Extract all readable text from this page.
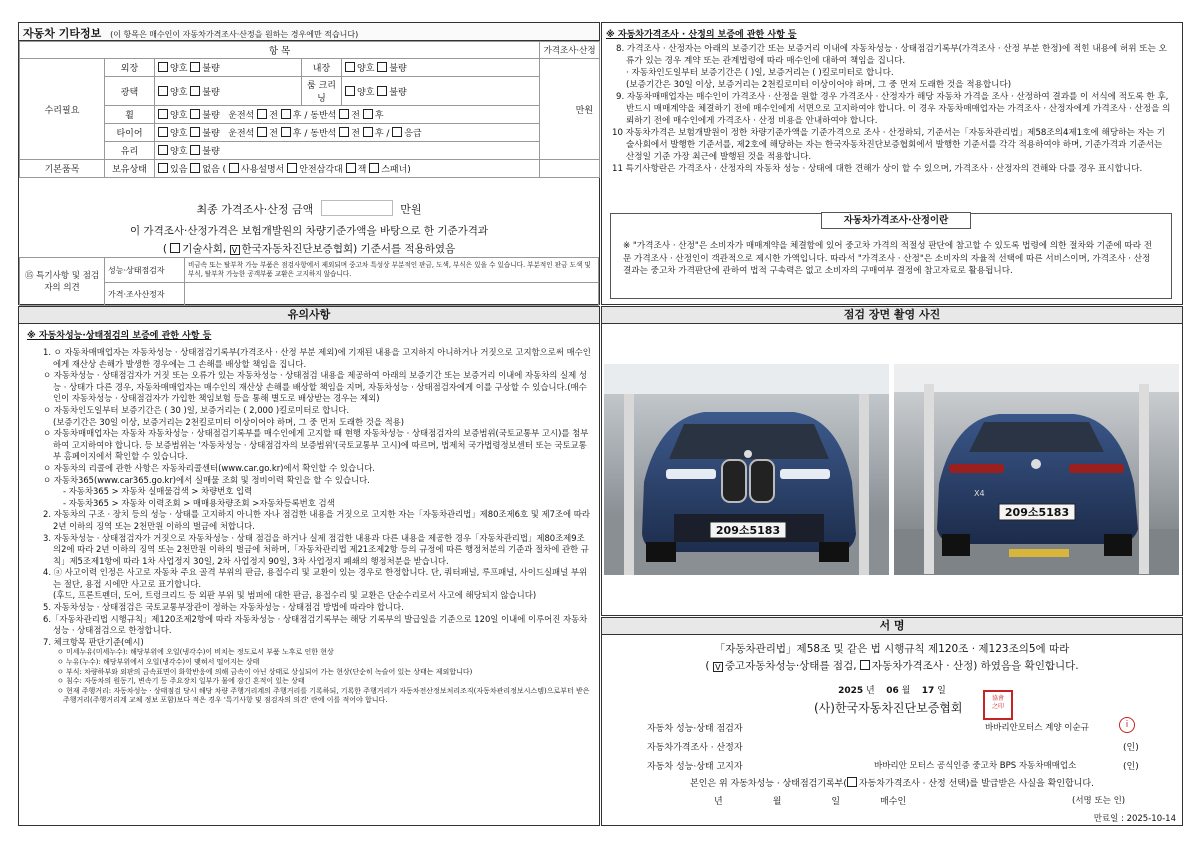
자동차 기타정보 (이 항목은 매수인이 자동차가격조사·산정을 원하는 경우에만 적습니다)
항 목					가격조사·산정
수리필요	외장	양호 불량	내장	양호 불량	만원
	광택	양호 불량	룸 크리닝	양호 불량	
	휠	양호 불량 운전석 전 후 / 동반석 전 후			
	타이어	양호 불량 운전석 전 후 / 동반석 전 후 / 응급			
	유리	양호 불량			
기본품목	보유상태	있음 없음 ( 사용설명서 안전삼각대 잭 스패너)			
최종 가격조사·산정 금액	만원
이 가격조사·산정가격은 보험개발원의 차량기준가액을 바탕으로 한 기준가격과
( 기술사회, V 한국자동차진단보증협회) 기준서를 적용하였음
⑮ 특기사항 및 점검자의 의견	성능·상태점검자	비금속 또는 탈부착 가능 부품은 점검사항에서 제외되며 중고차 특성상 부분적인 판금, 도색, 부식은 있을 수 있습니다. 부분적인 판금 도색 및 부식, 탈부착 가능한 공객부품 교환은 고지하지 않습니다.
	가격·조사산정자	
※ 자동차가격조사 · 산정의 보증에 관한 사항 등
8. 가격조사 · 산정자는 아래의 보증기간 또는 보증거리 이내에 자동차성능 · 상태점검기록부(가격조사 · 산정 부분 한정)에 적힌 내용에 허위 또는 오류가 있는 경우 계약 또는 관계법령에 따라 매수인에 대하여 책임을 집니다.
· 자동차인도일부터 보증기간은 ( )일, 보증거리는 ( )킬로미터로 합니다.
(보증기간은 30일 이상, 보증거리는 2천킬로미터 이상이어야 하며, 그 중 먼저 도래한 것을 적용합니다)
9. 자동차매매업자는 매수인이 가격조사 · 산정을 원할 경우 가격조사 · 산정자가 해당 자동차 가격을 조사 · 산정하여 결과를 이 서식에 적도록 한 후, 반드시 매매계약을 체결하기 전에 매수인에게 서면으로 고지하여야 합니다. 이 경우 자동차매매업자는 가격조사 · 산정자에게 가격조사 · 산정을 의뢰하기 전에 매수인에게 가격조사 · 산정 비용을 안내하여야 합니다.
10 자동차가격은 보험개발원이 정한 차량기준가액을 기준가격으로 조사 · 산정하되, 기준서는「자동차관리법」제58조의4제1호에 해당하는 자는 기술사회에서 발행한 기준서를, 제2호에 해당하는 자는 한국자동차진단보증협회에서 발행한 기준서를 각각 적용하여야 하며, 기준가격과 기준서는 산정일 기준 가장 최근에 발행된 것을 적용합니다.
11 특기사항란은 가격조사 · 산정자의 자동차 성능 · 상태에 대한 견해가 상이 할 수 있으며, 가격조사 · 산정자의 견해와 다를 경우 표시합니다.
자동차가격조사·산정이란
※ "가격조사 · 산정"은 소비자가 매매계약을 체결함에 있어 중고차 가격의 적절성 판단에 참고할 수 있도록 법령에 의한 절차와 기준에 따라 전문 가격조사 · 산정인이 객관적으로 제시한 가액입니다. 따라서 "가격조사 · 산정"은 소비자의 자율적 선택에 따른 서비스이며, 가격조사 · 산정 결과는 중고차 가격판단에 관하여 법적 구속력은 없고 소비자의 구매여부 결정에 참고자료로 활용됩니다.
유의사항
※ 자동차성능·상태점검의 보증에 관한 사항 등
1. ㅇ 자동차매매업자는 자동차성능 · 상태점검기록부(가격조사 · 산정 부분 제외)에 기재된 내용을 고지하지 아니하거나 거짓으로 고지함으로써 매수인에게 재산상 손해가 발생한 경우에는 그 손해를 배상할 책임을 집니다.
ㅇ 자동차성능 · 상태점검자가 거짓 또는 오류가 있는 자동차성능 · 상태점검 내용을 제공하여 아래의 보증기간 또는 보증거리 이내에 자동차의 실제 성능 · 상태가 다른 경우, 자동차매매업자는 매수인의 재산상 손해를 배상할 책임을 지며, 자동차성능 · 상태점검자에게 이를 구상할 수 있습니다.(매수인이 자동차성능 · 상태점검자가 가입한 책임보험 등을 통해 별도로 배상받는 경우는 제외)
ㅇ 자동차인도일부터 보증기간은 ( 30 )일, 보증거리는 ( 2,000 )킬로미터로 합니다.
(보증기간은 30일 이상, 보증거리는 2천킬로미터 이상이어야 하며, 그 중 먼저 도래한 것을 적용)
ㅇ 자동차매매업자는 자동차 자동차성능 · 상태점검기록부를 매수인에게 고지할 때 현행 자동차성능 · 상태점검자의 보증범위(국토교통부 고시)를 첨부하여 고지하여야 합니다. 등 보증범위는 '자동차성능 · 상태점검자의 보증범위'(국토교통부 고시)에 따르며, 법제처 국가법령정보센터 또는 국토교통부 홈페이지에서 확인할 수 있습니다.
ㅇ 자동차의 리콜에 관한 사항은 자동차리콜센터(www.car.go.kr)에서 확인할 수 있습니다.
ㅇ 자동차365(www.car365.go.kr)에서 실매물 조회 및 정비이력 확인을 할 수 있습니다.
- 자동차365 > 자동차 실매물검색 > 차량번호 입력
- 자동차365 > 자동차 이력조회 > 매매용차량조회 >자동차등록번호 검색
2. 자동차의 구조 · 장치 등의 성능 · 상태를 고지하지 아니한 자나 점검한 내용을 거짓으로 고지한 자는「자동차관리법」제80조제6호 및 제7조에 따라 2년 이하의 징역 또는 2천만원 이하의 벌금에 처합니다.
3. 자동차성능 · 상태점검자가 거짓으로 자동차성능 · 상태 점검을 하거나 실제 점검한 내용과 다른 내용을 제공한 경우「자동차관리법」제80조제9조의2에 따라 2년 이하의 징역 또는 2천만원 이하의 벌금에 처하며,「자동차관리법 제21조제2항 등의 규정에 따른 행정처분의 기준과 절차에 관한 규칙」제5조제1항에 따라 1차 사업정지 30일, 2차 사업정지 90일, 3차 사업정지 폐쇄의 행정처분을 받습니다.
4. ⓐ 사고이력 인정은 사고로 자동차 주요 골격 부위의 판금, 용접수리 및 교환이 있는 경우로 한정합니다. 단, 쿼터패널, 루프패널, 사이드실패널 부위는 절단, 용접 시에만 사고로 표기합니다.
(후드, 프론트펜더, 도어, 트렁크리드 등 외판 부위 및 범퍼에 대한 판금, 용접수리 및 교환은 단순수리로서 사고에 해당되지 않습니다)
5. 자동차성능 · 상태점검은 국토교통부장관이 정하는 자동차성능 · 상태점검 방법에 따라야 합니다.
6.「자동차관리법 시행규칙」제120조제2항에 따라 자동차성능 · 상태점검기록부는 해당 기록부의 발급일을 기준으로 120일 이내에 이루어진 자동차 성능 · 상태점검으로 한정합니다.
7. 체크항목 판단기준(예시)
ㅇ 미세누유(미세누수): 해당부위에 오일(냉각수)이 비치는 정도로서 부품 노후로 인한 현상
ㅇ 누유(누수): 해당부위에서 오일(냉각수)이 맺혀서 떨어지는 상태
ㅇ 부식: 차량하부와 외판의 금속표면이 화학반응에 의해 금속이 아닌 상태로 상실되어 가는 현상(단순히 녹슬어 있는 상태는 제외합니다)
ㅇ 침수: 자동차의 원동기, 변속기 등 주요장치 일부가 물에 잠긴 흔적이 있는 상태
ㅇ 현재 주행거리: 자동차성능 · 상태점검 당시 해당 차량 주행거리계의 주행거리를 기록하되, 기록한 주행거리가 자동차전산정보처리조직(자동차관리정보시스템)으로부터 받은 주행거리(주행거리계 교체 정보 포함)보다 적은 경우 '특기사항 및 점검자의 의견' 란에 이를 적어야 합니다.
점검 장면 촬영 사진
209소5183
X4
209소5183
서 명
「자동차관리법」제58조 및 같은 법 시행규칙 제120조 · 제123조의5에 따라
( V 중고자동차성능·상태를 점검, 자동차가격조사 · 산정) 하였음을 확인합니다.
2025 년 06 월 17 일
(사)한국자동차진단보증협회
協會
之印
자동차 성능·상태 점검자	바바리안모터스 계양 이순규	i
자동차가격조사 · 산정자	(인)
자동차 성능·상태 고지자	바바리안 모터스 공식인증 중고차 BPS 자동차매매업소	(인)
본인은 위 자동차성능 · 상태점검기록부( 자동차가격조사 · 산정 선택)를 발급받은 사실을 확인합니다.
년	월	일	매수인	(서명 또는 인)
만료일 : 2025-10-14
